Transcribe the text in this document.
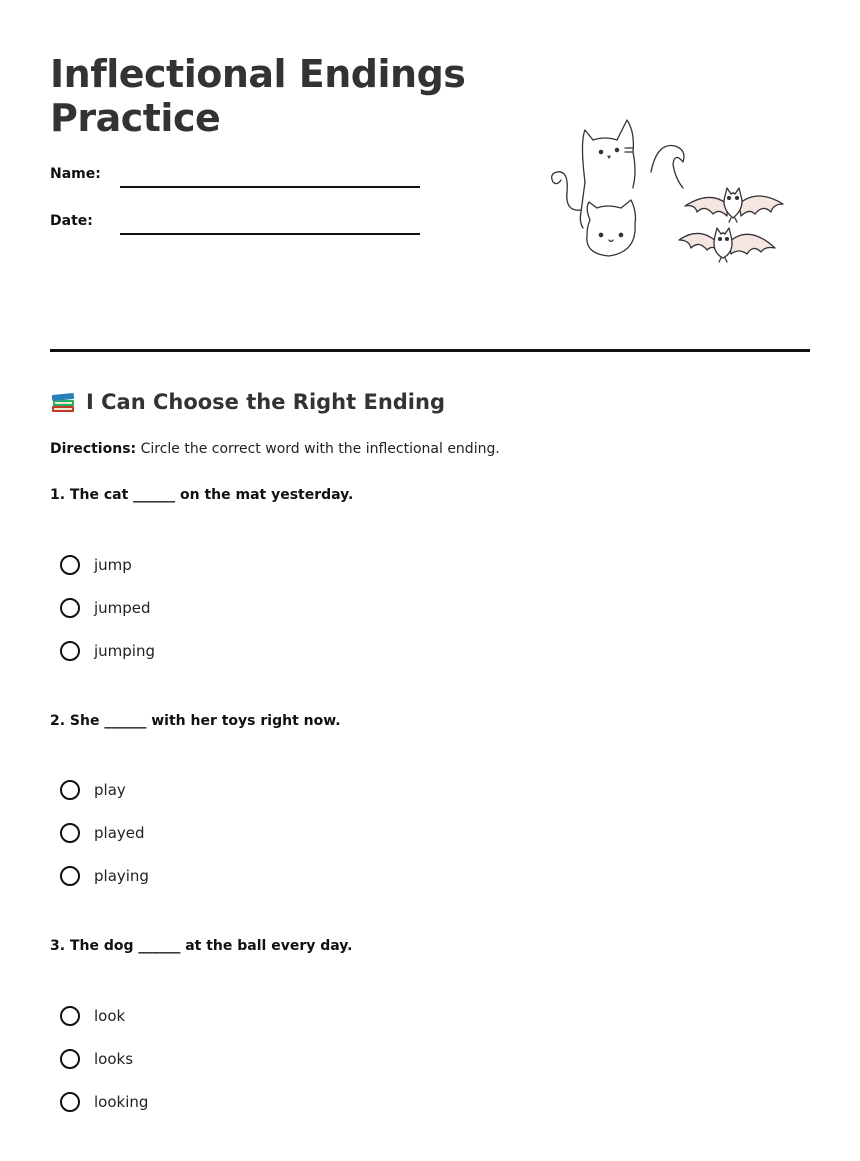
Inflectional Endings
Practice
Name:
Date:
I Can Choose the Right Ending
Directions: Circle the correct word with the inflectional ending.
1. The cat ______ on the mat yesterday.
jump
jumped
jumping
2. She ______ with her toys right now.
play
played
playing
3. The dog ______ at the ball every day.
look
looks
looking
